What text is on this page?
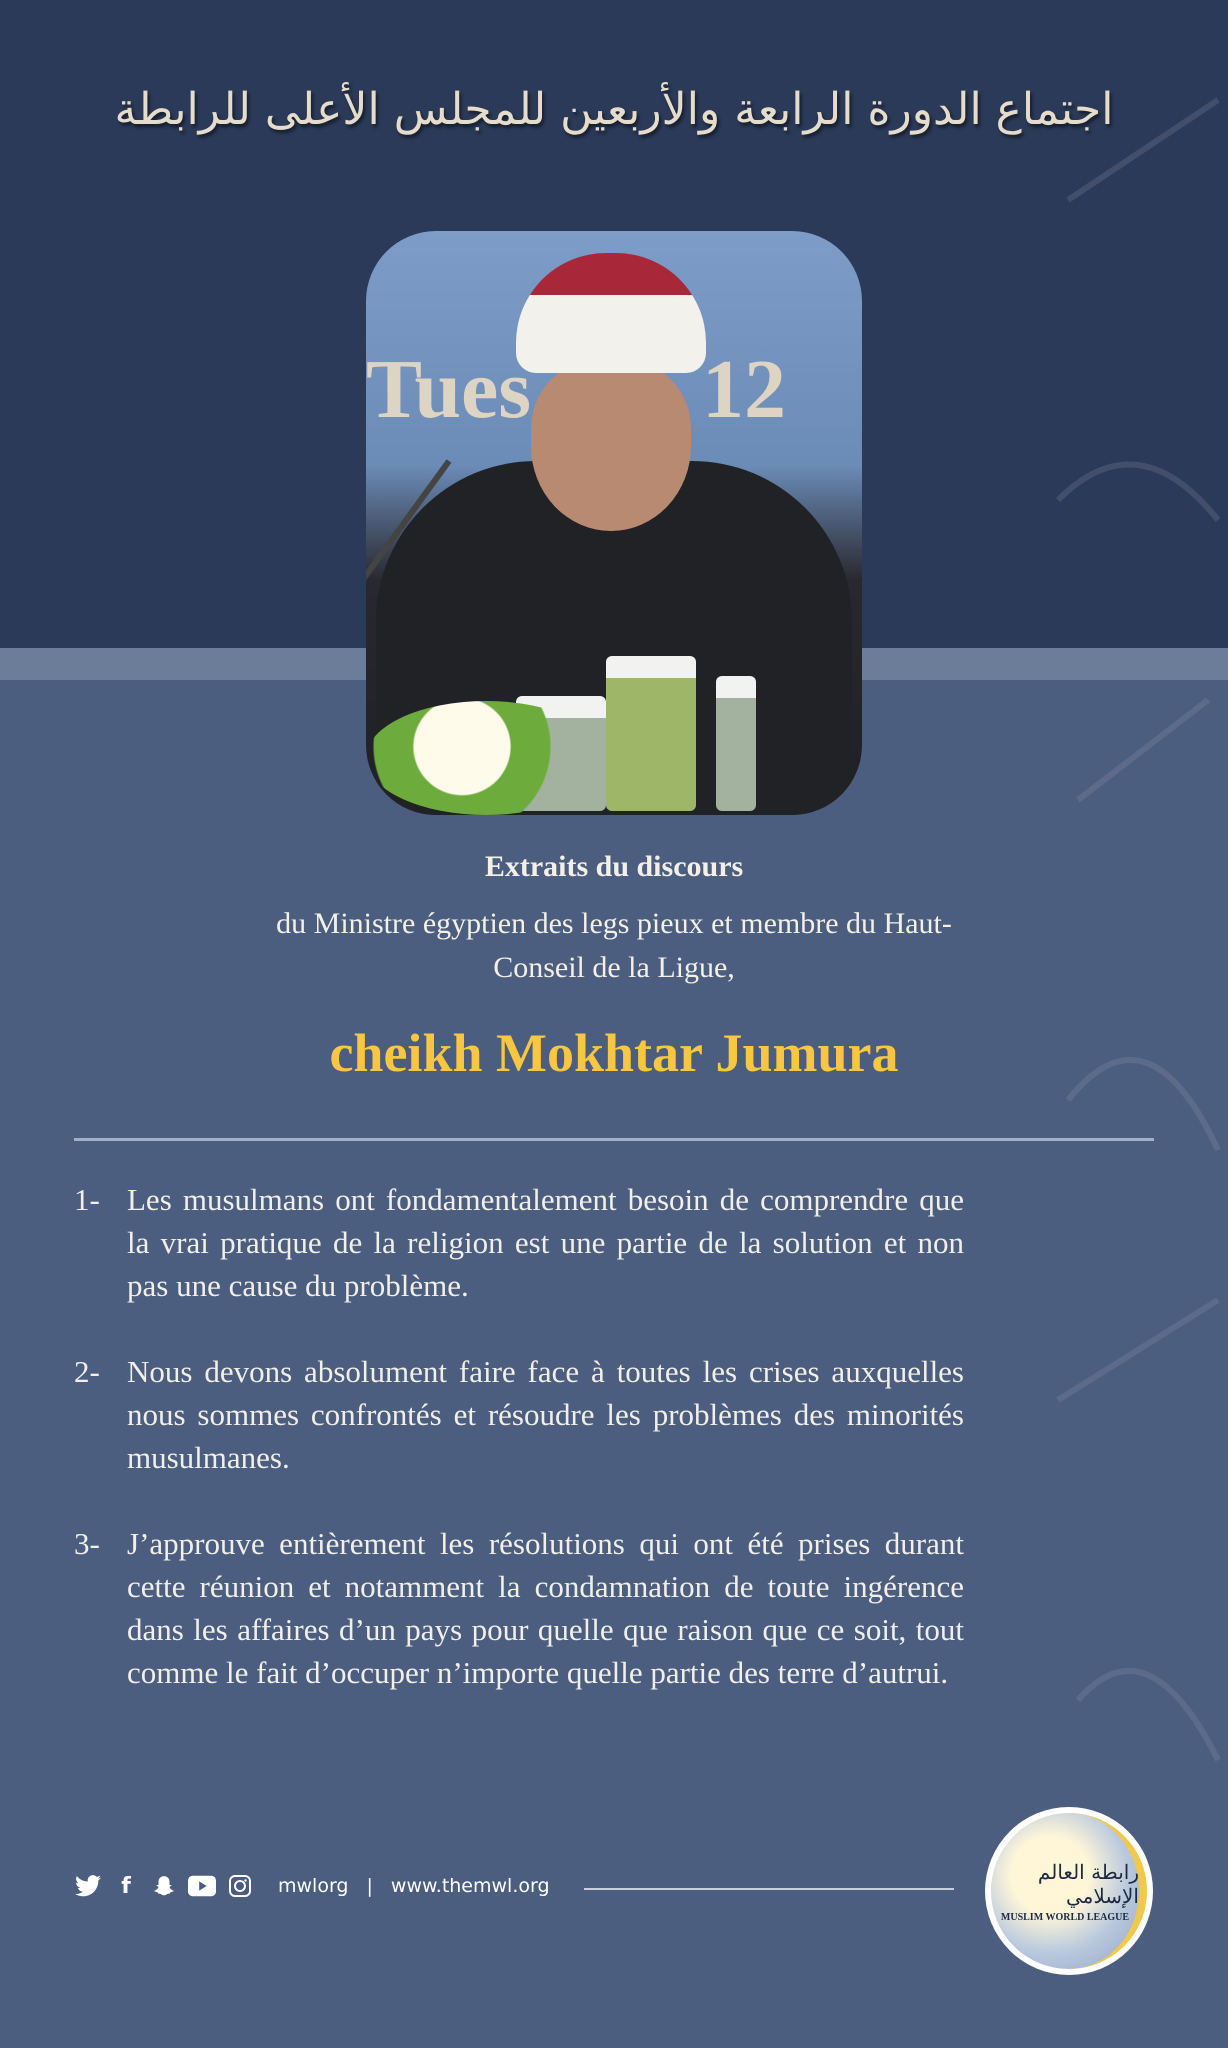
اجتماع الدورة الرابعة والأربعين للمجلس الأعلى للرابطة
Tues 12
Extraits du discours
du Ministre égyptien des legs pieux et membre du Haut-
Conseil de la Ligue,
cheikh Mokhtar Jumura
1- Les musulmans ont fondamentalement besoin de comprendre que la vrai pratique de la religion est une partie de la solution et non pas une cause du problème.
2- Nous devons absolument faire face à toutes les crises auxquelles nous sommes confrontés et résoudre les problèmes des minorités musulmanes.
3- J’approuve entièrement les résolutions qui ont été prises durant cette réunion et notamment la condamnation de toute ingérence dans les affaires d’un pays pour quelle que raison que ce soit, tout comme le fait d’occuper n’importe quelle partie des terre d’autrui.
f	mwlorg | www.themwl.org
رابطة العالم الإسلامي
MUSLIM WORLD LEAGUE
